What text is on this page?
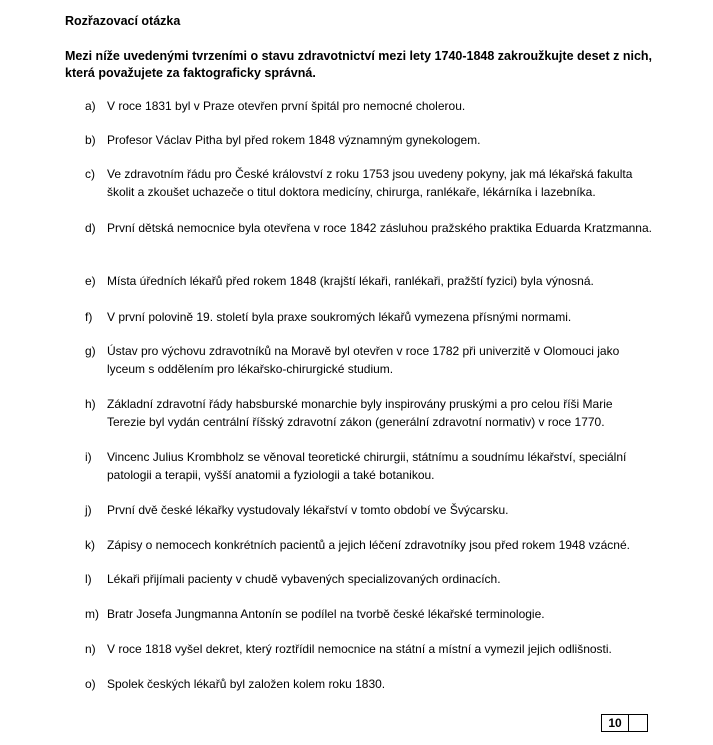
Rozřazovací otázka
Mezi níže uvedenými tvrzeními o stavu zdravotnictví mezi lety 1740-1848 zakroužkujte deset z nich, která považujete za faktograficky správná.
a) V roce 1831 byl v Praze otevřen první špitál pro nemocné cholerou.
b) Profesor Václav Pitha byl před rokem 1848 významným gynekologem.
c)	Ve zdravotním řádu pro České království z roku 1753 jsou uvedeny pokyny, jak má lékařská fakulta školit a zkoušet uchazeče o titul doktora medicíny, chirurga, ranlékaře, lékárníka i lazebníka.
d) První dětská nemocnice byla otevřena v roce 1842 zásluhou pražského praktika Eduarda Kratzmanna.
e) Místa úředních lékařů před rokem 1848 (krajští lékaři, ranlékaři, pražští fyzici) byla výnosná.
f)	V první polovině 19. století byla praxe soukromých lékařů vymezena přísnými normami.
g) Ústav pro výchovu zdravotníků na Moravě byl otevřen v roce 1782 při univerzitě v Olomouci jako lyceum s oddělením pro lékařsko-chirurgické studium.
h) Základní zdravotní řády habsburské monarchie byly inspirovány pruskými a pro celou říši Marie Terezie byl vydán centrální říšský zdravotní zákon (generální zdravotní normativ) v roce 1770.
i)	Vincenc Julius Krombholz se věnoval teoretické chirurgii, státnímu a soudnímu lékařství, speciální patologii a terapii, vyšší anatomii a fyziologii a také botanikou.
j)	První dvě české lékařky vystudovaly lékařství v tomto období ve Švýcarsku.
k)	Zápisy o nemocech konkrétních pacientů a jejich léčení zdravotníky jsou před rokem 1948 vzácné.
l)	Lékaři přijímali pacienty v chudě vybavených specializovaných ordinacích.
m) Bratr Josefa Jungmanna Antonín se podílel na tvorbě české lékařské terminologie.
n) V roce 1818 vyšel dekret, který roztřídil nemocnice na státní a místní a vymezil jejich odlišnosti.
o) Spolek českých lékařů byl založen kolem roku 1830.
10
